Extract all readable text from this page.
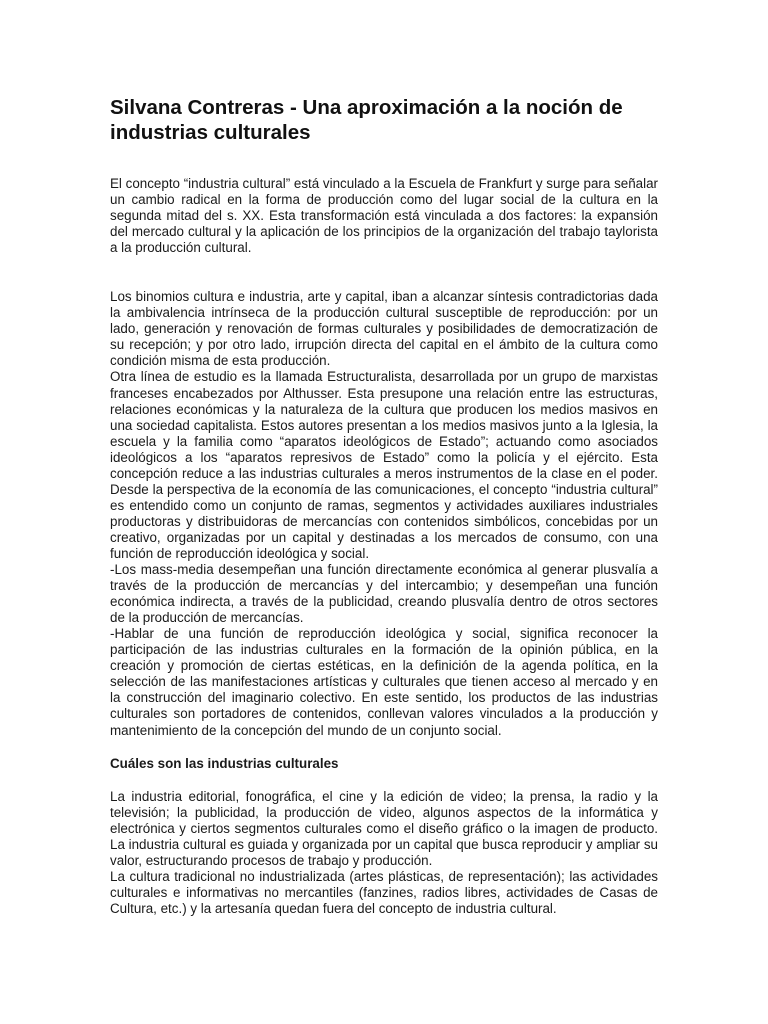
Silvana Contreras - Una aproximación a la noción de industrias culturales

El concepto “industria cultural” está vinculado a la Escuela de Frankfurt y surge para señalar un cambio radical en la forma de producción como del lugar social de la cultura en la segunda mitad del s. XX. Esta transformación está vinculada a dos factores: la expansión del mercado cultural y la aplicación de los principios de la organización del trabajo taylorista a la producción cultural.

Los binomios cultura e industria, arte y capital, iban a alcanzar síntesis contradictorias dada la ambivalencia intrínseca de la producción cultural susceptible de reproducción: por un lado, generación y renovación de formas culturales y posibilidades de democratización de su recepción; y por otro lado, irrupción directa del capital en el ámbito de la cultura como condición misma de esta producción.

Otra línea de estudio es la llamada Estructuralista, desarrollada por un grupo de marxistas franceses encabezados por Althusser. Esta presupone una relación entre las estructuras, relaciones económicas y la naturaleza de la cultura que producen los medios masivos en una sociedad capitalista. Estos autores presentan a los medios masivos junto a la Iglesia, la escuela y la familia como “aparatos ideológicos de Estado”; actuando como asociados ideológicos a los “aparatos represivos de Estado” como la policía y el ejército. Esta concepción reduce a las industrias culturales a meros instrumentos de la clase en el poder. Desde la perspectiva de la economía de las comunicaciones, el concepto “industria cultural” es entendido como un conjunto de ramas, segmentos y actividades auxiliares industriales productoras y distribuidoras de mercancías con contenidos simbólicos, concebidas por un creativo, organizadas por un capital y destinadas a los mercados de consumo, con una función de reproducción ideológica y social.

-Los mass-media desempeñan una función directamente económica al generar plusvalía a través de la producción de mercancías y del intercambio; y desempeñan una función económica indirecta, a través de la publicidad, creando plusvalía dentro de otros sectores de la producción de mercancías.

-Hablar de una función de reproducción ideológica y social, significa reconocer la participación de las industrias culturales en la formación de la opinión pública, en la creación y promoción de ciertas estéticas, en la definición de la agenda política, en la selección de las manifestaciones artísticas y culturales que tienen acceso al mercado y en la construcción del imaginario colectivo. En este sentido, los productos de las industrias culturales son portadores de contenidos, conllevan valores vinculados a la producción y mantenimiento de la concepción del mundo de un conjunto social.

Cuáles son las industrias culturales

La industria editorial, fonográfica, el cine y la edición de video; la prensa, la radio y la televisión; la publicidad, la producción de video, algunos aspectos de la informática y electrónica y ciertos segmentos culturales como el diseño gráfico o la imagen de producto. La industria cultural es guiada y organizada por un capital que busca reproducir y ampliar su valor, estructurando procesos de trabajo y producción.

La cultura tradicional no industrializada (artes plásticas, de representación); las actividades culturales e informativas no mercantiles (fanzines, radios libres, actividades de Casas de Cultura, etc.) y la artesanía quedan fuera del concepto de industria cultural.
